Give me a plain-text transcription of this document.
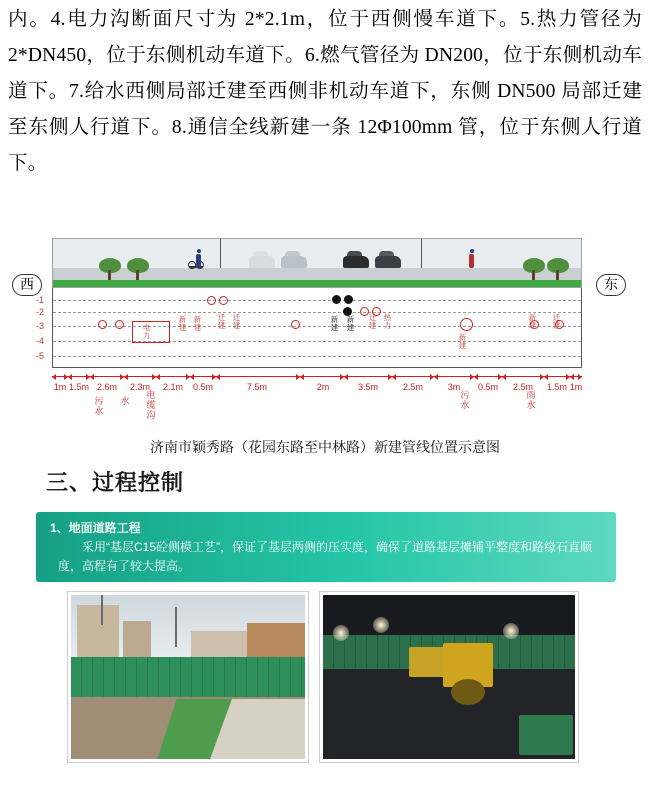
内。4.电力沟断面尺寸为 2*2.1m，位于西侧慢车道下。5.热力管径为 2*DN450，位于东侧机动车道下。6.燃气管径为 DN200，位于东侧机动车道下。7.给水西侧局部迁建至西侧非机动车道下，东侧 DN500 局部迁建至东侧人行道下。8.通信全线新建一条 12Φ100mm 管，位于东侧人行道下。
西	东
-1
-2
-3
-4
-5
新建
新建
迁建
迁建
新建
新建
迁建
热力
新建
新建
迁建
电力
1m 1.5m 2.6m	2.3m	2.1m	0.5m	7.5m	2m	3.5m	2.5m	3m	0.5m	2.5m	1.5m 1m
污水
水
电缆沟
污水
雨水
济南市颖秀路（花园东路至中林路）新建管线位置示意图
三、过程控制
1、地面道路工程
采用“基层C15砼侧模工艺”，保证了基层两侧的压实度，确保了道路基层摊铺平整度和路缘石直顺度，高程有了较大提高。
